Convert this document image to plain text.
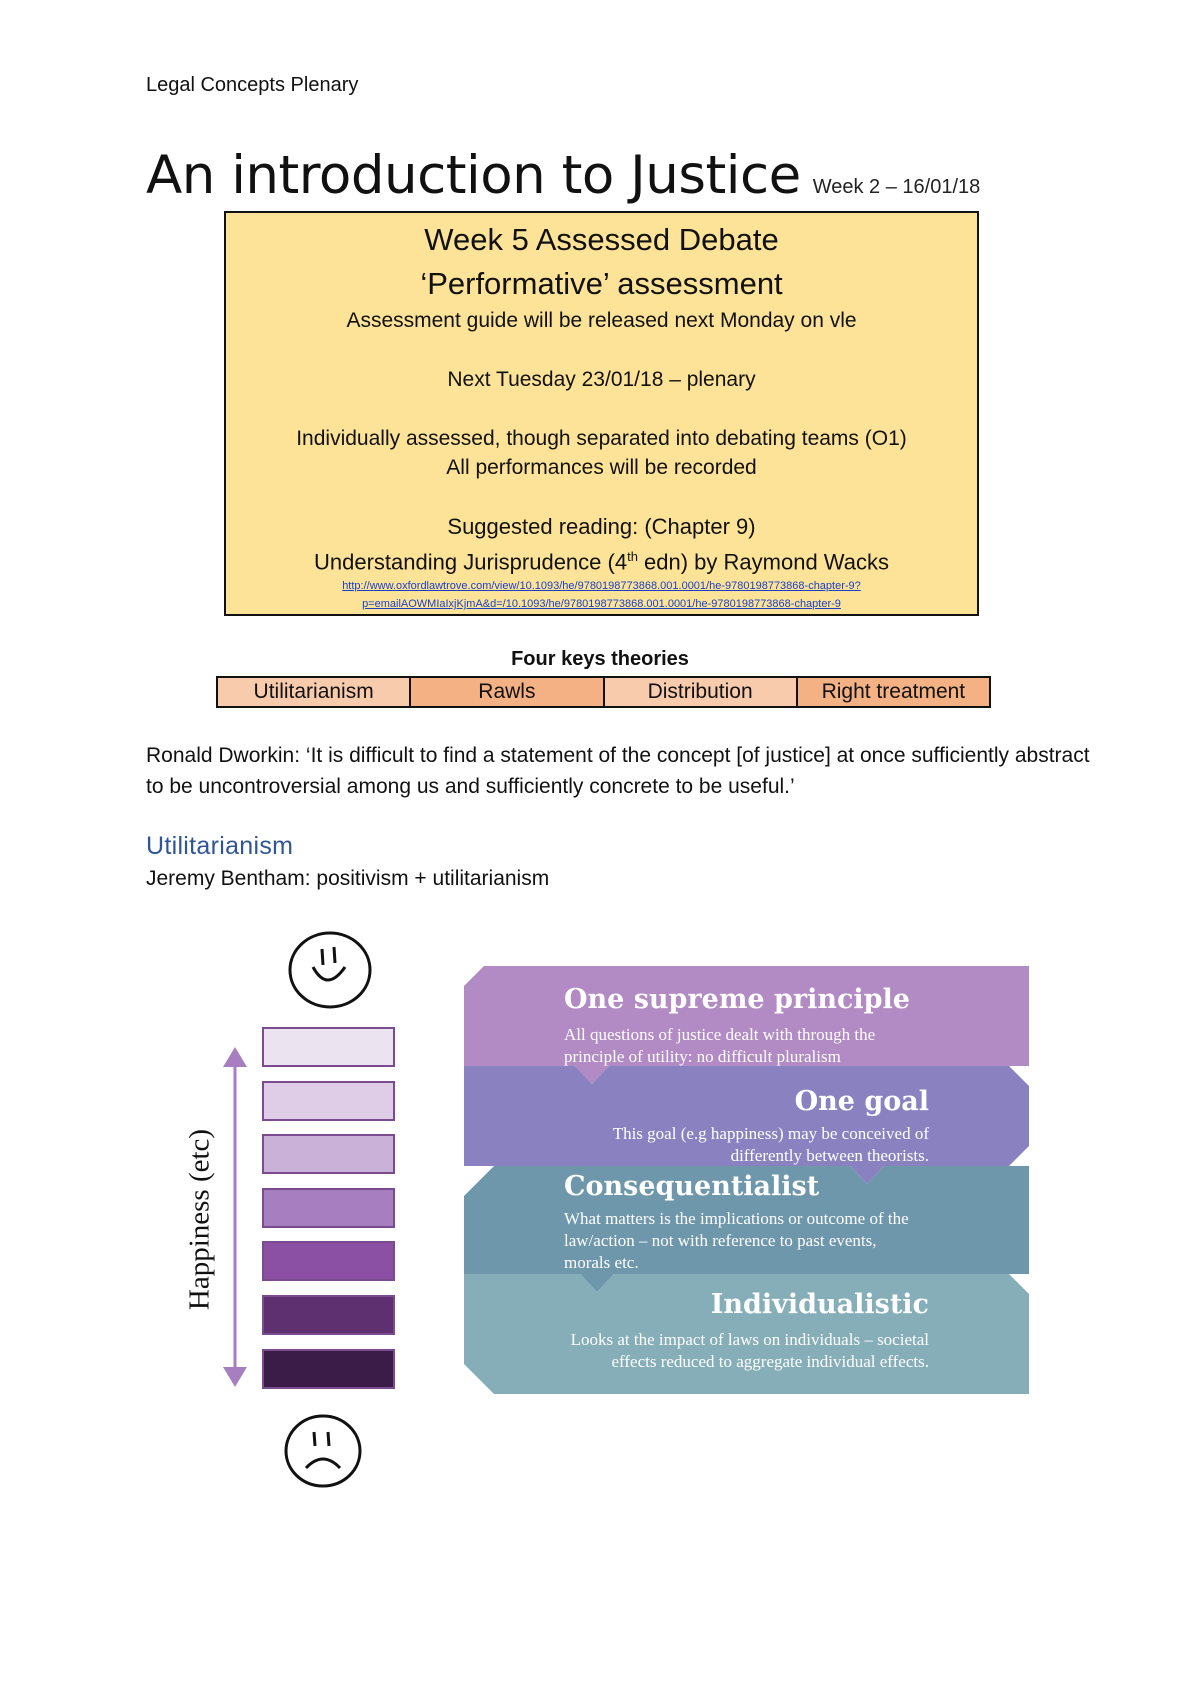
Legal Concepts Plenary
An introduction to Justice Week 2 – 16/01/18
Week 5 Assessed Debate
‘Performative’ assessment
Assessment guide will be released next Monday on vle
Next Tuesday 23/01/18 – plenary
Individually assessed, though separated into debating teams (O1)
All performances will be recorded
Suggested reading: (Chapter 9)
Understanding Jurisprudence (4th edn) by Raymond Wacks
http://www.oxfordlawtrove.com/view/10.1093/he/9780198773868.001.0001/he-9780198773868-chapter-9?
p=emailAOWMIaIxjKjmA&d=/10.1093/he/9780198773868.001.0001/he-9780198773868-chapter-9
Four keys theories
Utilitarianism	Rawls	Distribution	Right treatment
Ronald Dworkin: ‘It is difficult to find a statement of the concept [of justice] at once sufficiently abstract to be uncontroversial among us and sufficiently concrete to be useful.’
Utilitarianism
Jeremy Bentham: positivism + utilitarianism
Happiness (etc)
One supreme principle
All questions of justice dealt with through the
principle of utility: no difficult pluralism
One goal
This goal (e.g happiness) may be conceived of
differently between theorists.
Consequentialist
What matters is the implications or outcome of the
law/action – not with reference to past events,
morals etc.
Individualistic
Looks at the impact of laws on individuals – societal
effects reduced to aggregate individual effects.
